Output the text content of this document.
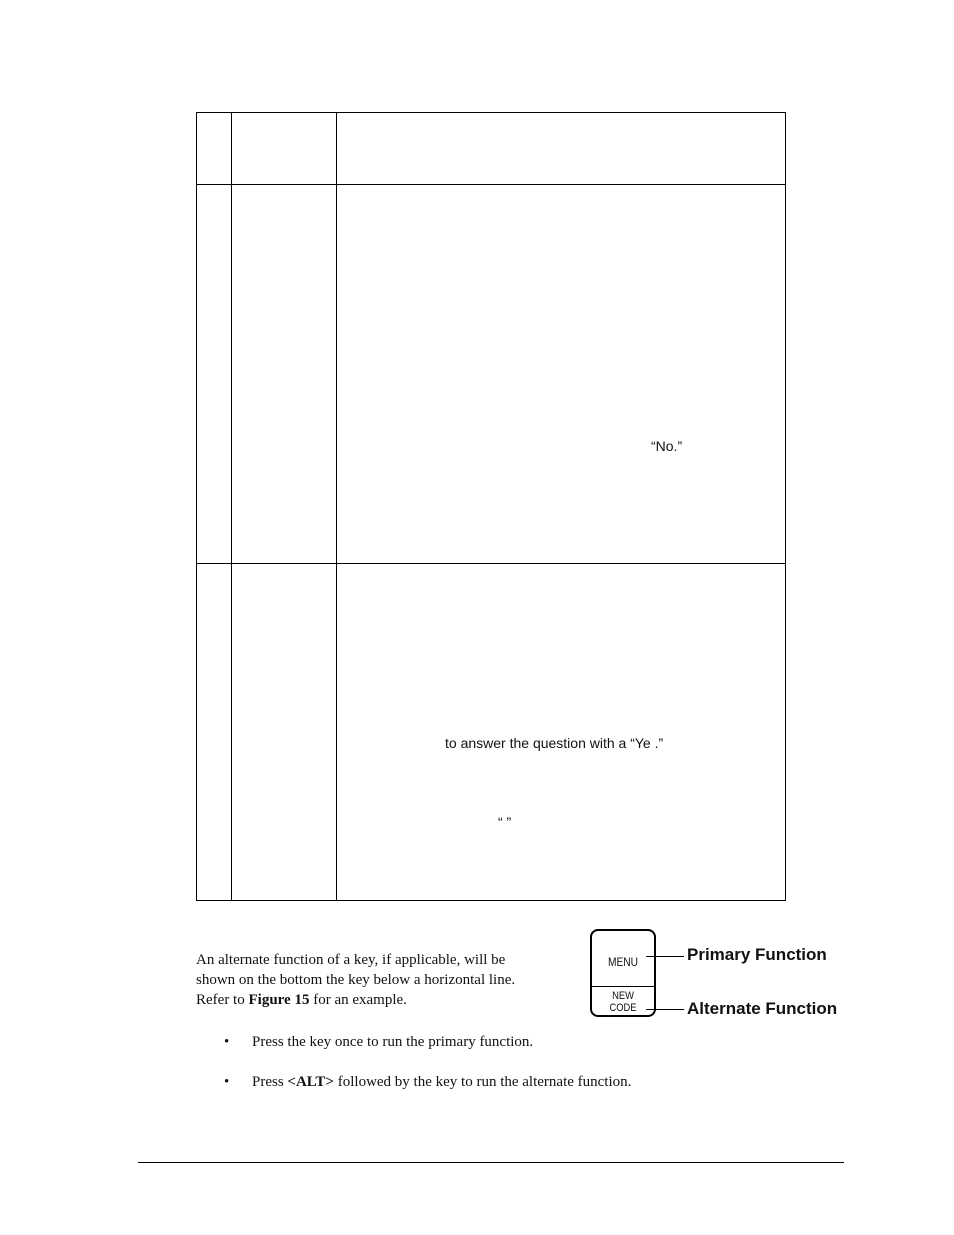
“No.”
to answer the question with a “Ye .”
“ ”
An alternate function of a key, if applicable, will be
shown on the bottom the key below a horizontal line.
Refer to Figure 15 for an example.
MENU
NEW
CODE
Primary Function
Alternate Function
• Press the key once to run the primary function.
• Press <ALT> followed by the key to run the alternate function.
